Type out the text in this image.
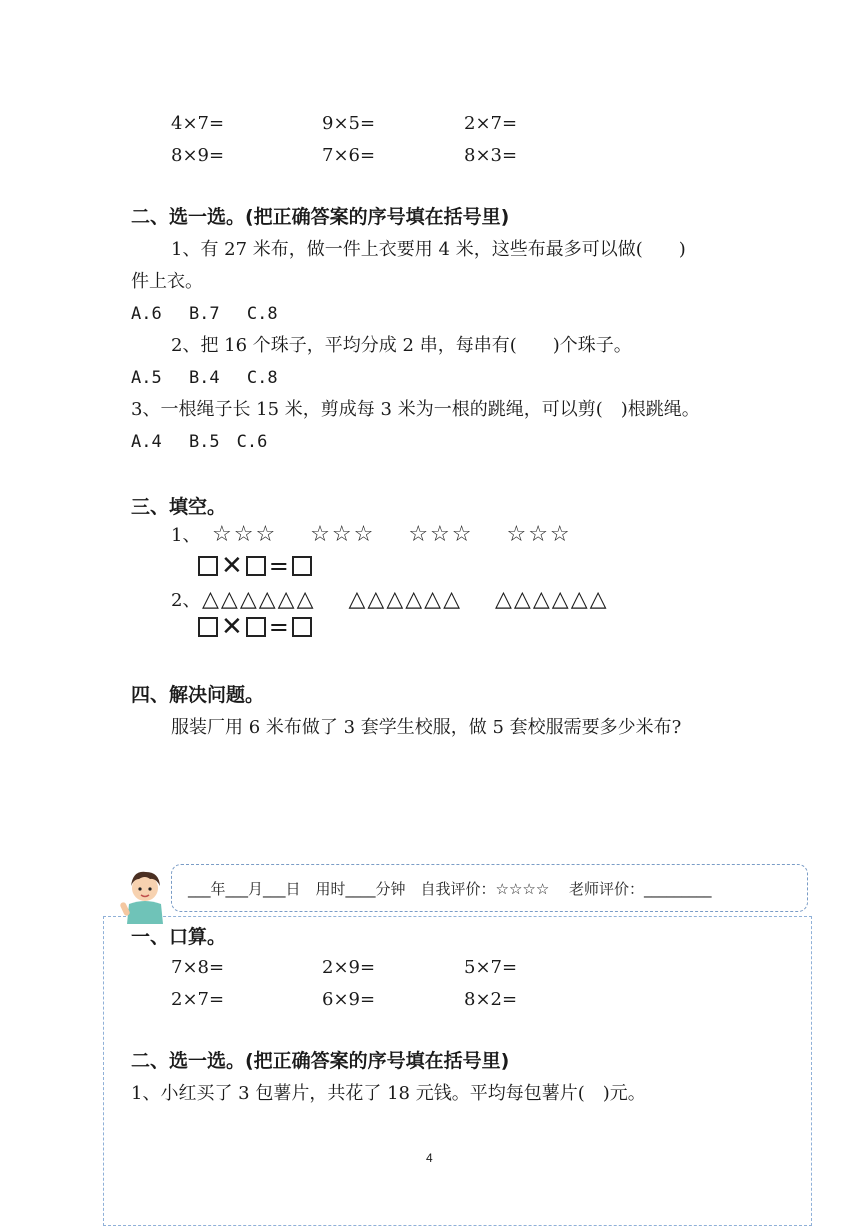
4×7=	9×5=	2×7=
8×9=	7×6=	8×3=
二、选一选。(把正确答案的序号填在括号里)
1、有 27 米布，做一件上衣要用 4 米，这些布最多可以做(　　)
件上衣。
A.6　 B.7　 C.8
2、把 16 个珠子，平均分成 2 串，每串有(　　)个珠子。
A.5　 B.4　 C.8
3、一根绳子长 15 米，剪成每 3 米为一根的跳绳，可以剪(　)根跳绳。
A.4　 B.5　C.6
三、填空。
1、 ☆☆☆　 ☆☆☆　 ☆☆☆　 ☆☆☆
✕ =
2、 △△△△△△　 △△△△△△　 △△△△△△
✕ =
四、解决问题。
服装厂用 6 米布做了 3 套学生校服，做 5 套校服需要多少米布?
___年___月___日　用时____分钟　自我评价：☆☆☆☆　 老师评价：_________
一、口算。
7×8=	2×9=	5×7=
2×7=	6×9=	8×2=
二、选一选。(把正确答案的序号填在括号里)
1、小红买了 3 包薯片，共花了 18 元钱。平均每包薯片(　)元。
4
